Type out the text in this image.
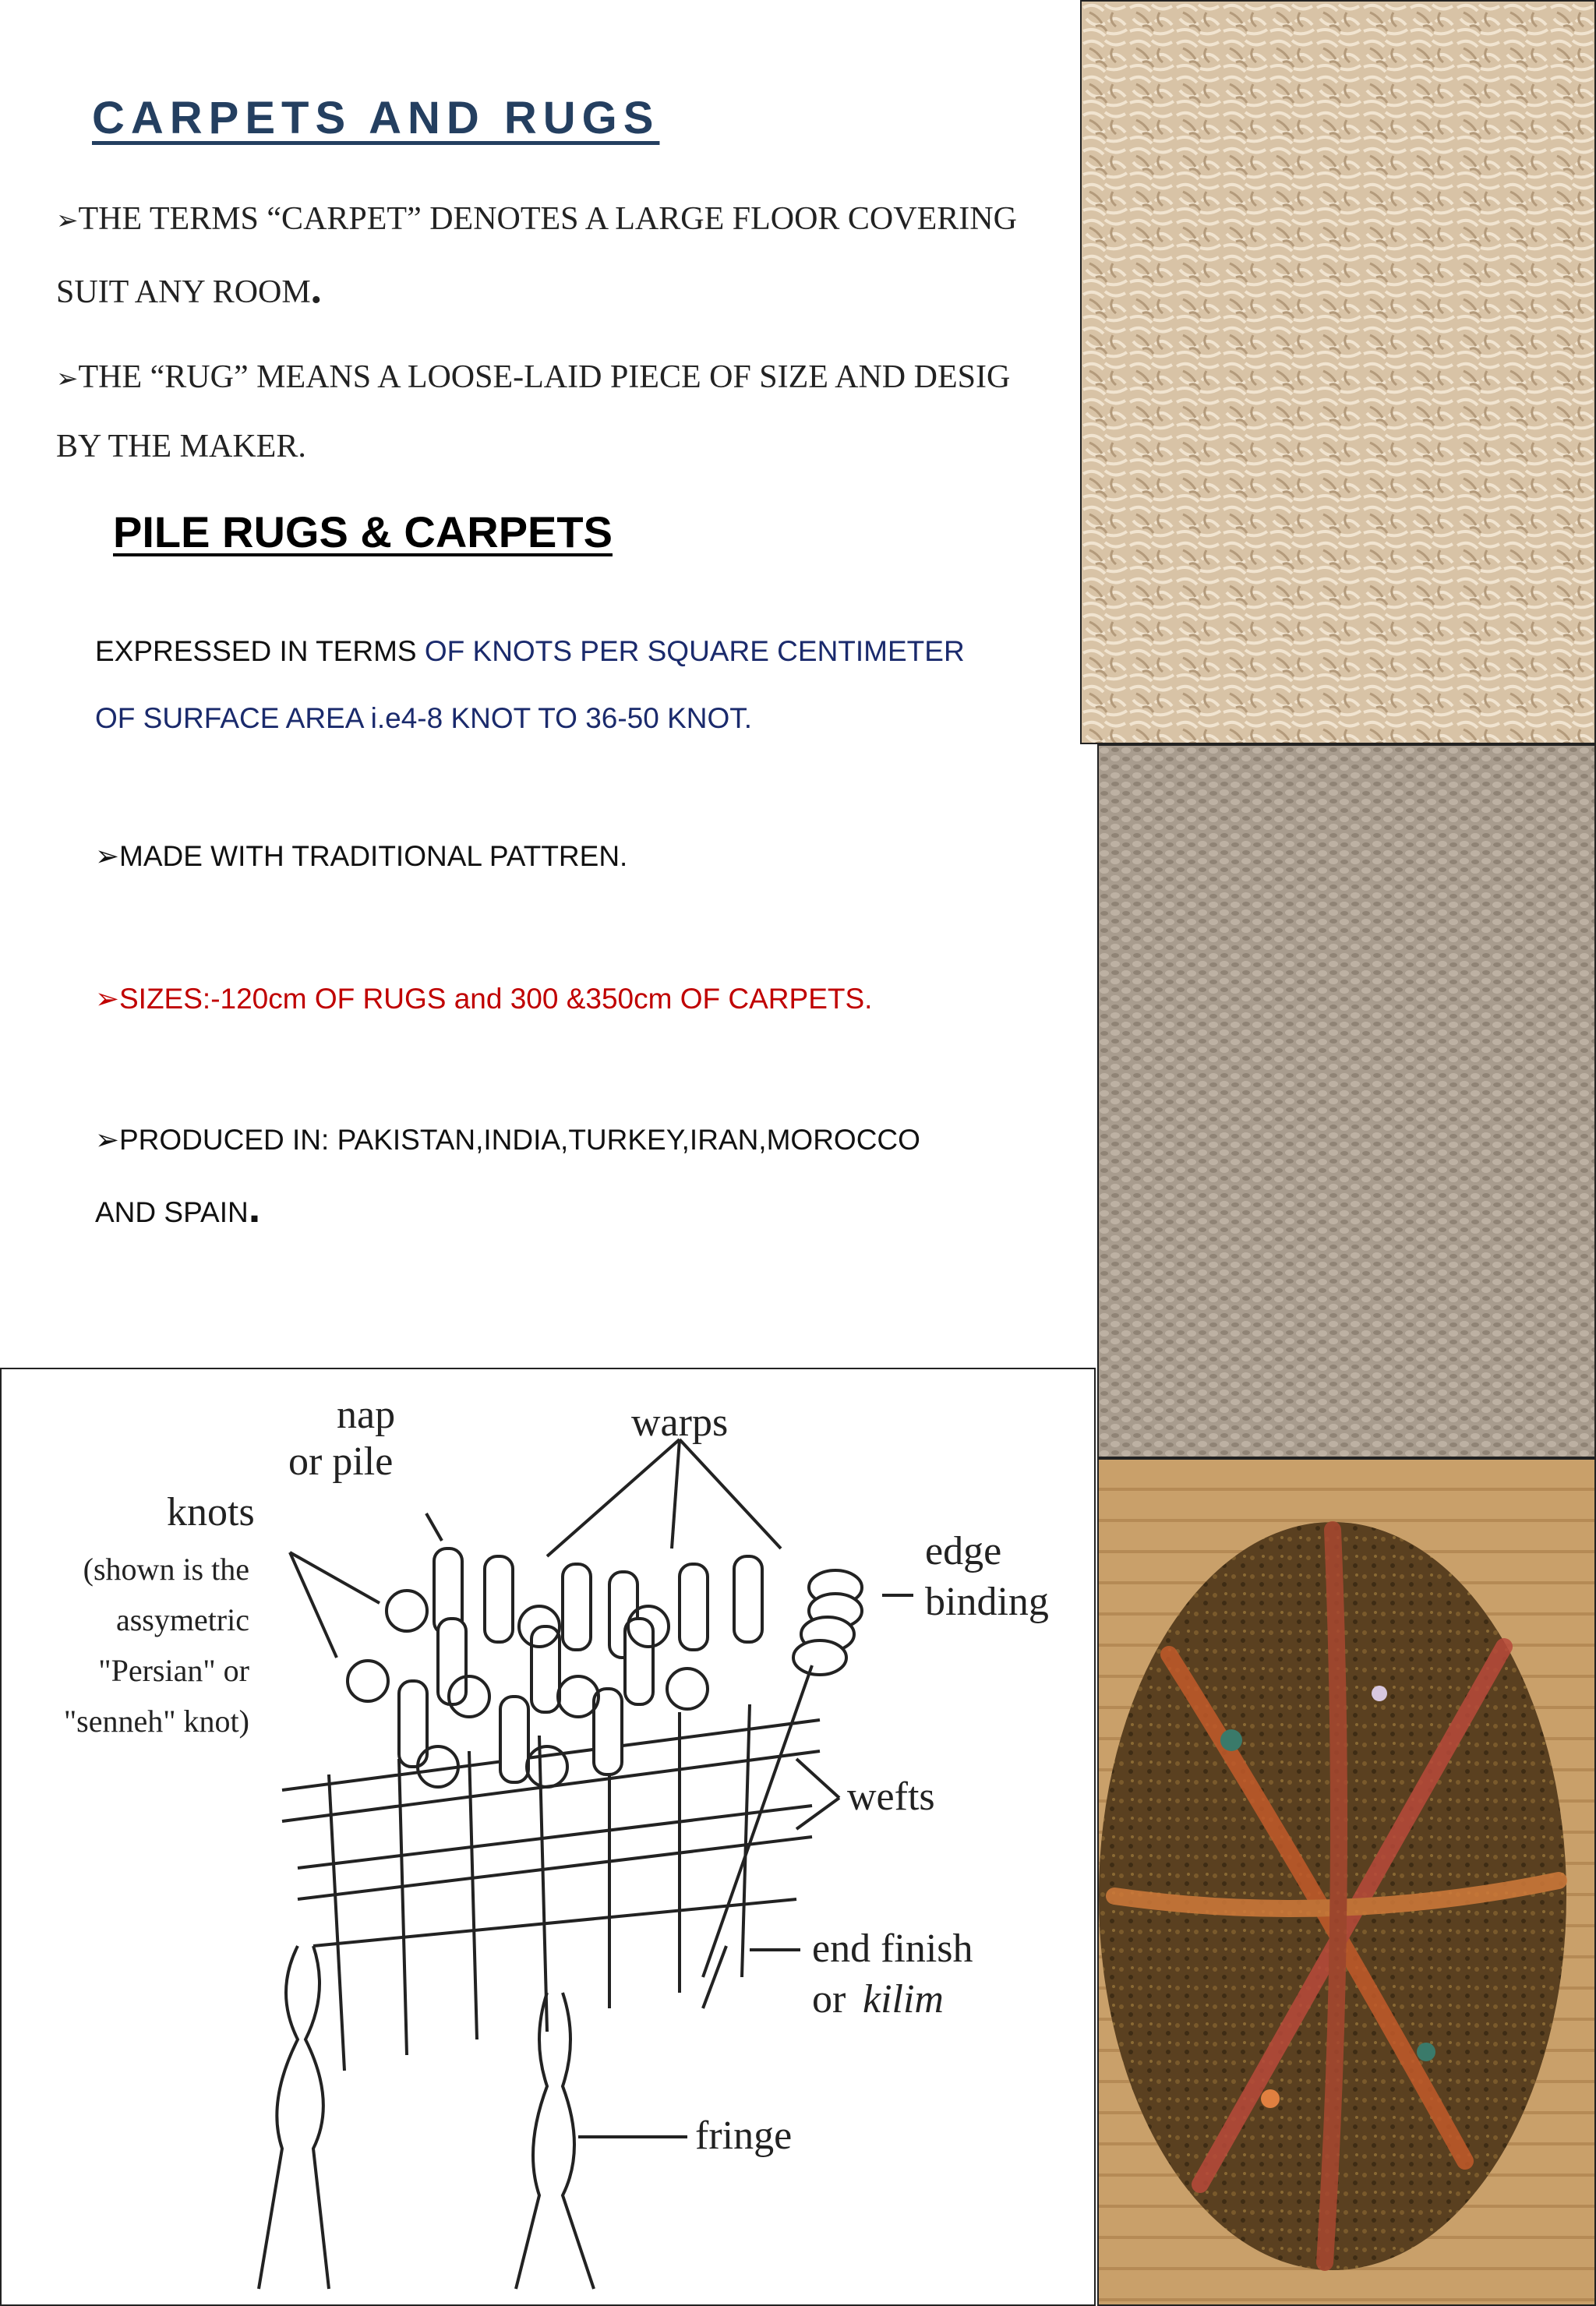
CARPETS AND RUGS

➢THE TERMS “CARPET” DENOTES A LARGE FLOOR COVERING
SUIT ANY ROOM.

➢THE “RUG” MEANS A LOOSE-LAID PIECE OF SIZE AND DESIG
BY THE MAKER.

PILE RUGS & CARPETS

EXPRESSED IN TERMS OF KNOTS PER SQUARE CENTIMETER
OF SURFACE AREA i.e4-8 KNOT TO 36-50 KNOT.

➢MADE WITH TRADITIONAL PATTREN.

➢SIZES:-120cm OF RUGS and 300 &350cm OF CARPETS.

➢PRODUCED IN: PAKISTAN,INDIA,TURKEY,IRAN,MOROCCO
AND SPAIN.

nap
or pile
warps
knots
(shown is the
assymetric
"Persian" or
"senneh" knot)
edge
binding
wefts
end finish
or kilim
fringe
